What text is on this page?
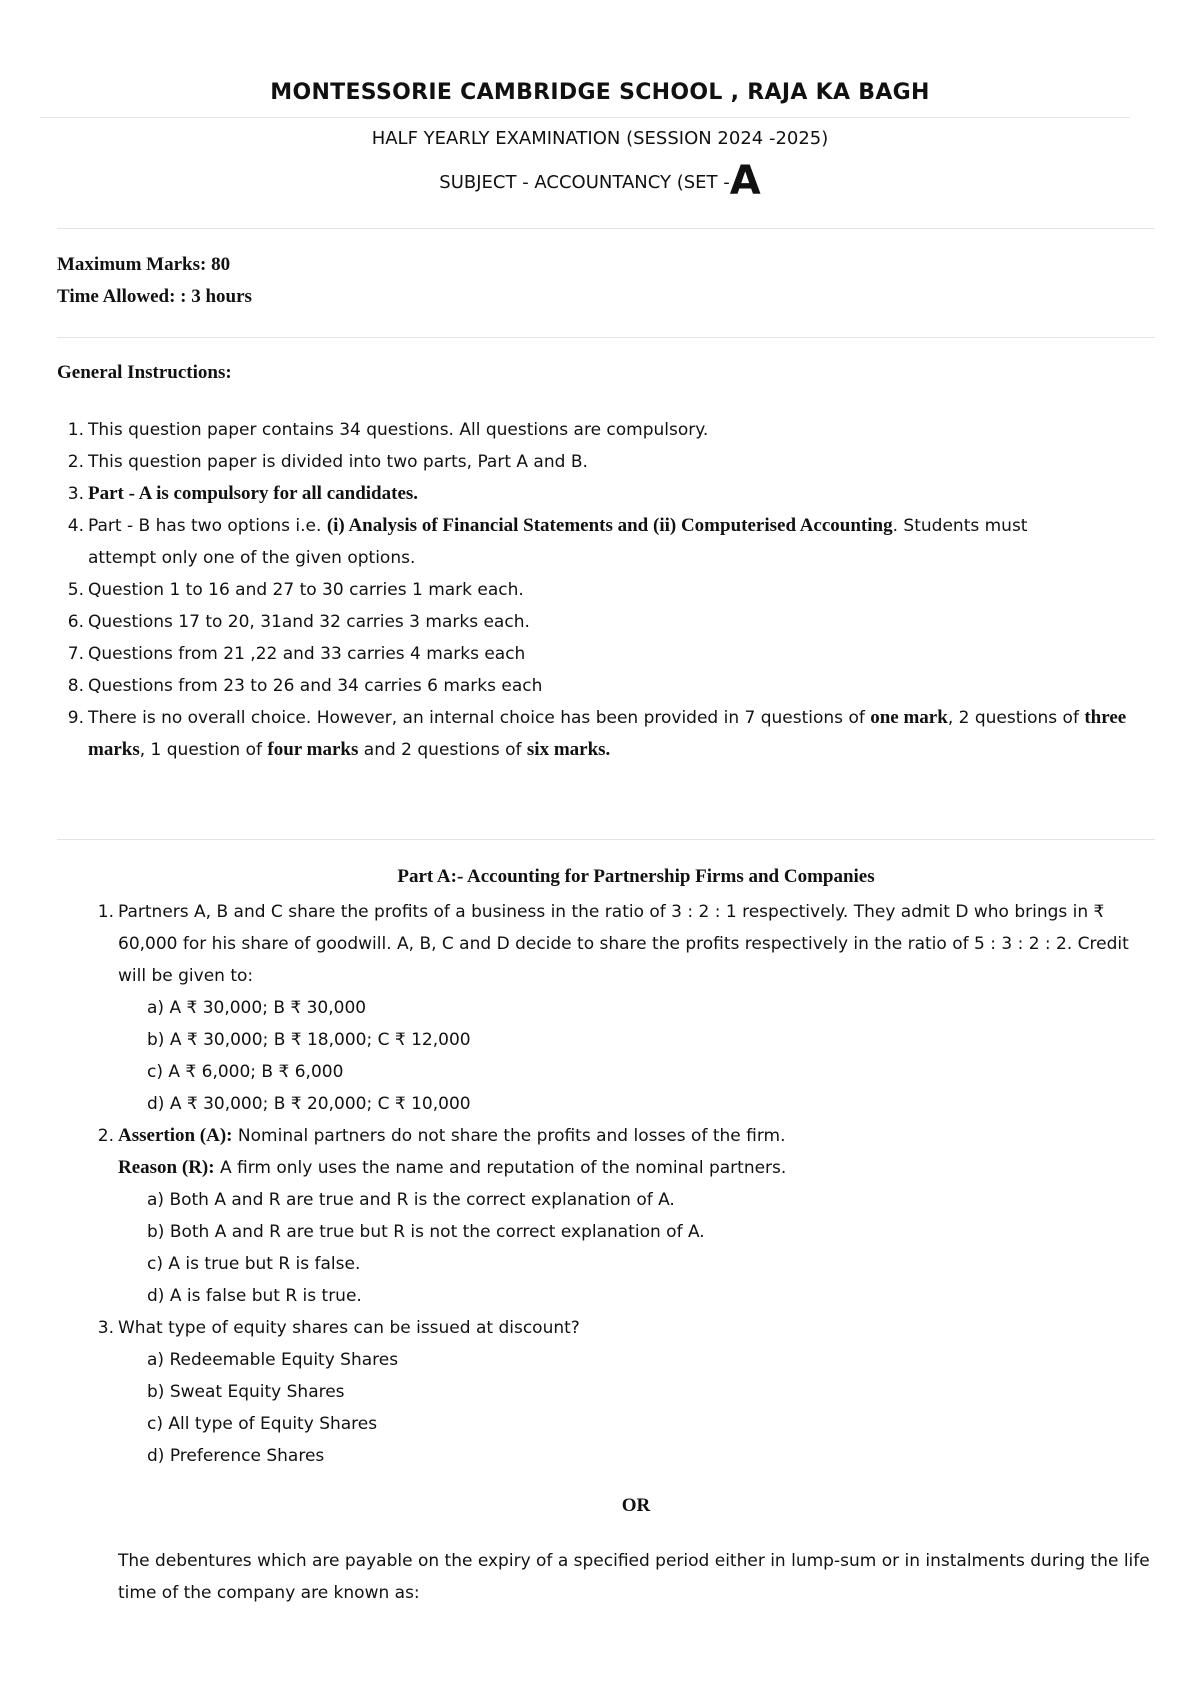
MONTESSORIE CAMBRIDGE SCHOOL , RAJA KA BAGH
HALF YEARLY EXAMINATION (SESSION 2024 -2025)
SUBJECT - ACCOUNTANCY (SET -A
Maximum Marks: 80
Time Allowed: : 3 hours
General Instructions:
1. This question paper contains 34 questions. All questions are compulsory.
2. This question paper is divided into two parts, Part A and B.
3. Part - A is compulsory for all candidates.
4. Part - B has two options i.e. (i) Analysis of Financial Statements and (ii) Computerised Accounting. Students must
attempt only one of the given options.
5. Question 1 to 16 and 27 to 30 carries 1 mark each.
6. Questions 17 to 20, 31and 32 carries 3 marks each.
7. Questions from 21 ,22 and 33 carries 4 marks each
8. Questions from 23 to 26 and 34 carries 6 marks each
9. There is no overall choice. However, an internal choice has been provided in 7 questions of one mark, 2 questions of three
marks, 1 question of four marks and 2 questions of six marks.
Part A:- Accounting for Partnership Firms and Companies
1. Partners A, B and C share the profits of a business in the ratio of 3 : 2 : 1 respectively. They admit D who brings in ₹
60,000 for his share of goodwill. A, B, C and D decide to share the profits respectively in the ratio of 5 : 3 : 2 : 2. Credit
will be given to:
a) A ₹ 30,000; B ₹ 30,000
b) A ₹ 30,000; B ₹ 18,000; C ₹ 12,000
c) A ₹ 6,000; B ₹ 6,000
d) A ₹ 30,000; B ₹ 20,000; C ₹ 10,000
2. Assertion (A): Nominal partners do not share the profits and losses of the firm.
Reason (R): A firm only uses the name and reputation of the nominal partners.
a) Both A and R are true and R is the correct explanation of A.
b) Both A and R are true but R is not the correct explanation of A.
c) A is true but R is false.
d) A is false but R is true.
3. What type of equity shares can be issued at discount?
a) Redeemable Equity Shares
b) Sweat Equity Shares
c) All type of Equity Shares
d) Preference Shares
OR
The debentures which are payable on the expiry of a specified period either in lump-sum or in instalments during the life
time of the company are known as:
